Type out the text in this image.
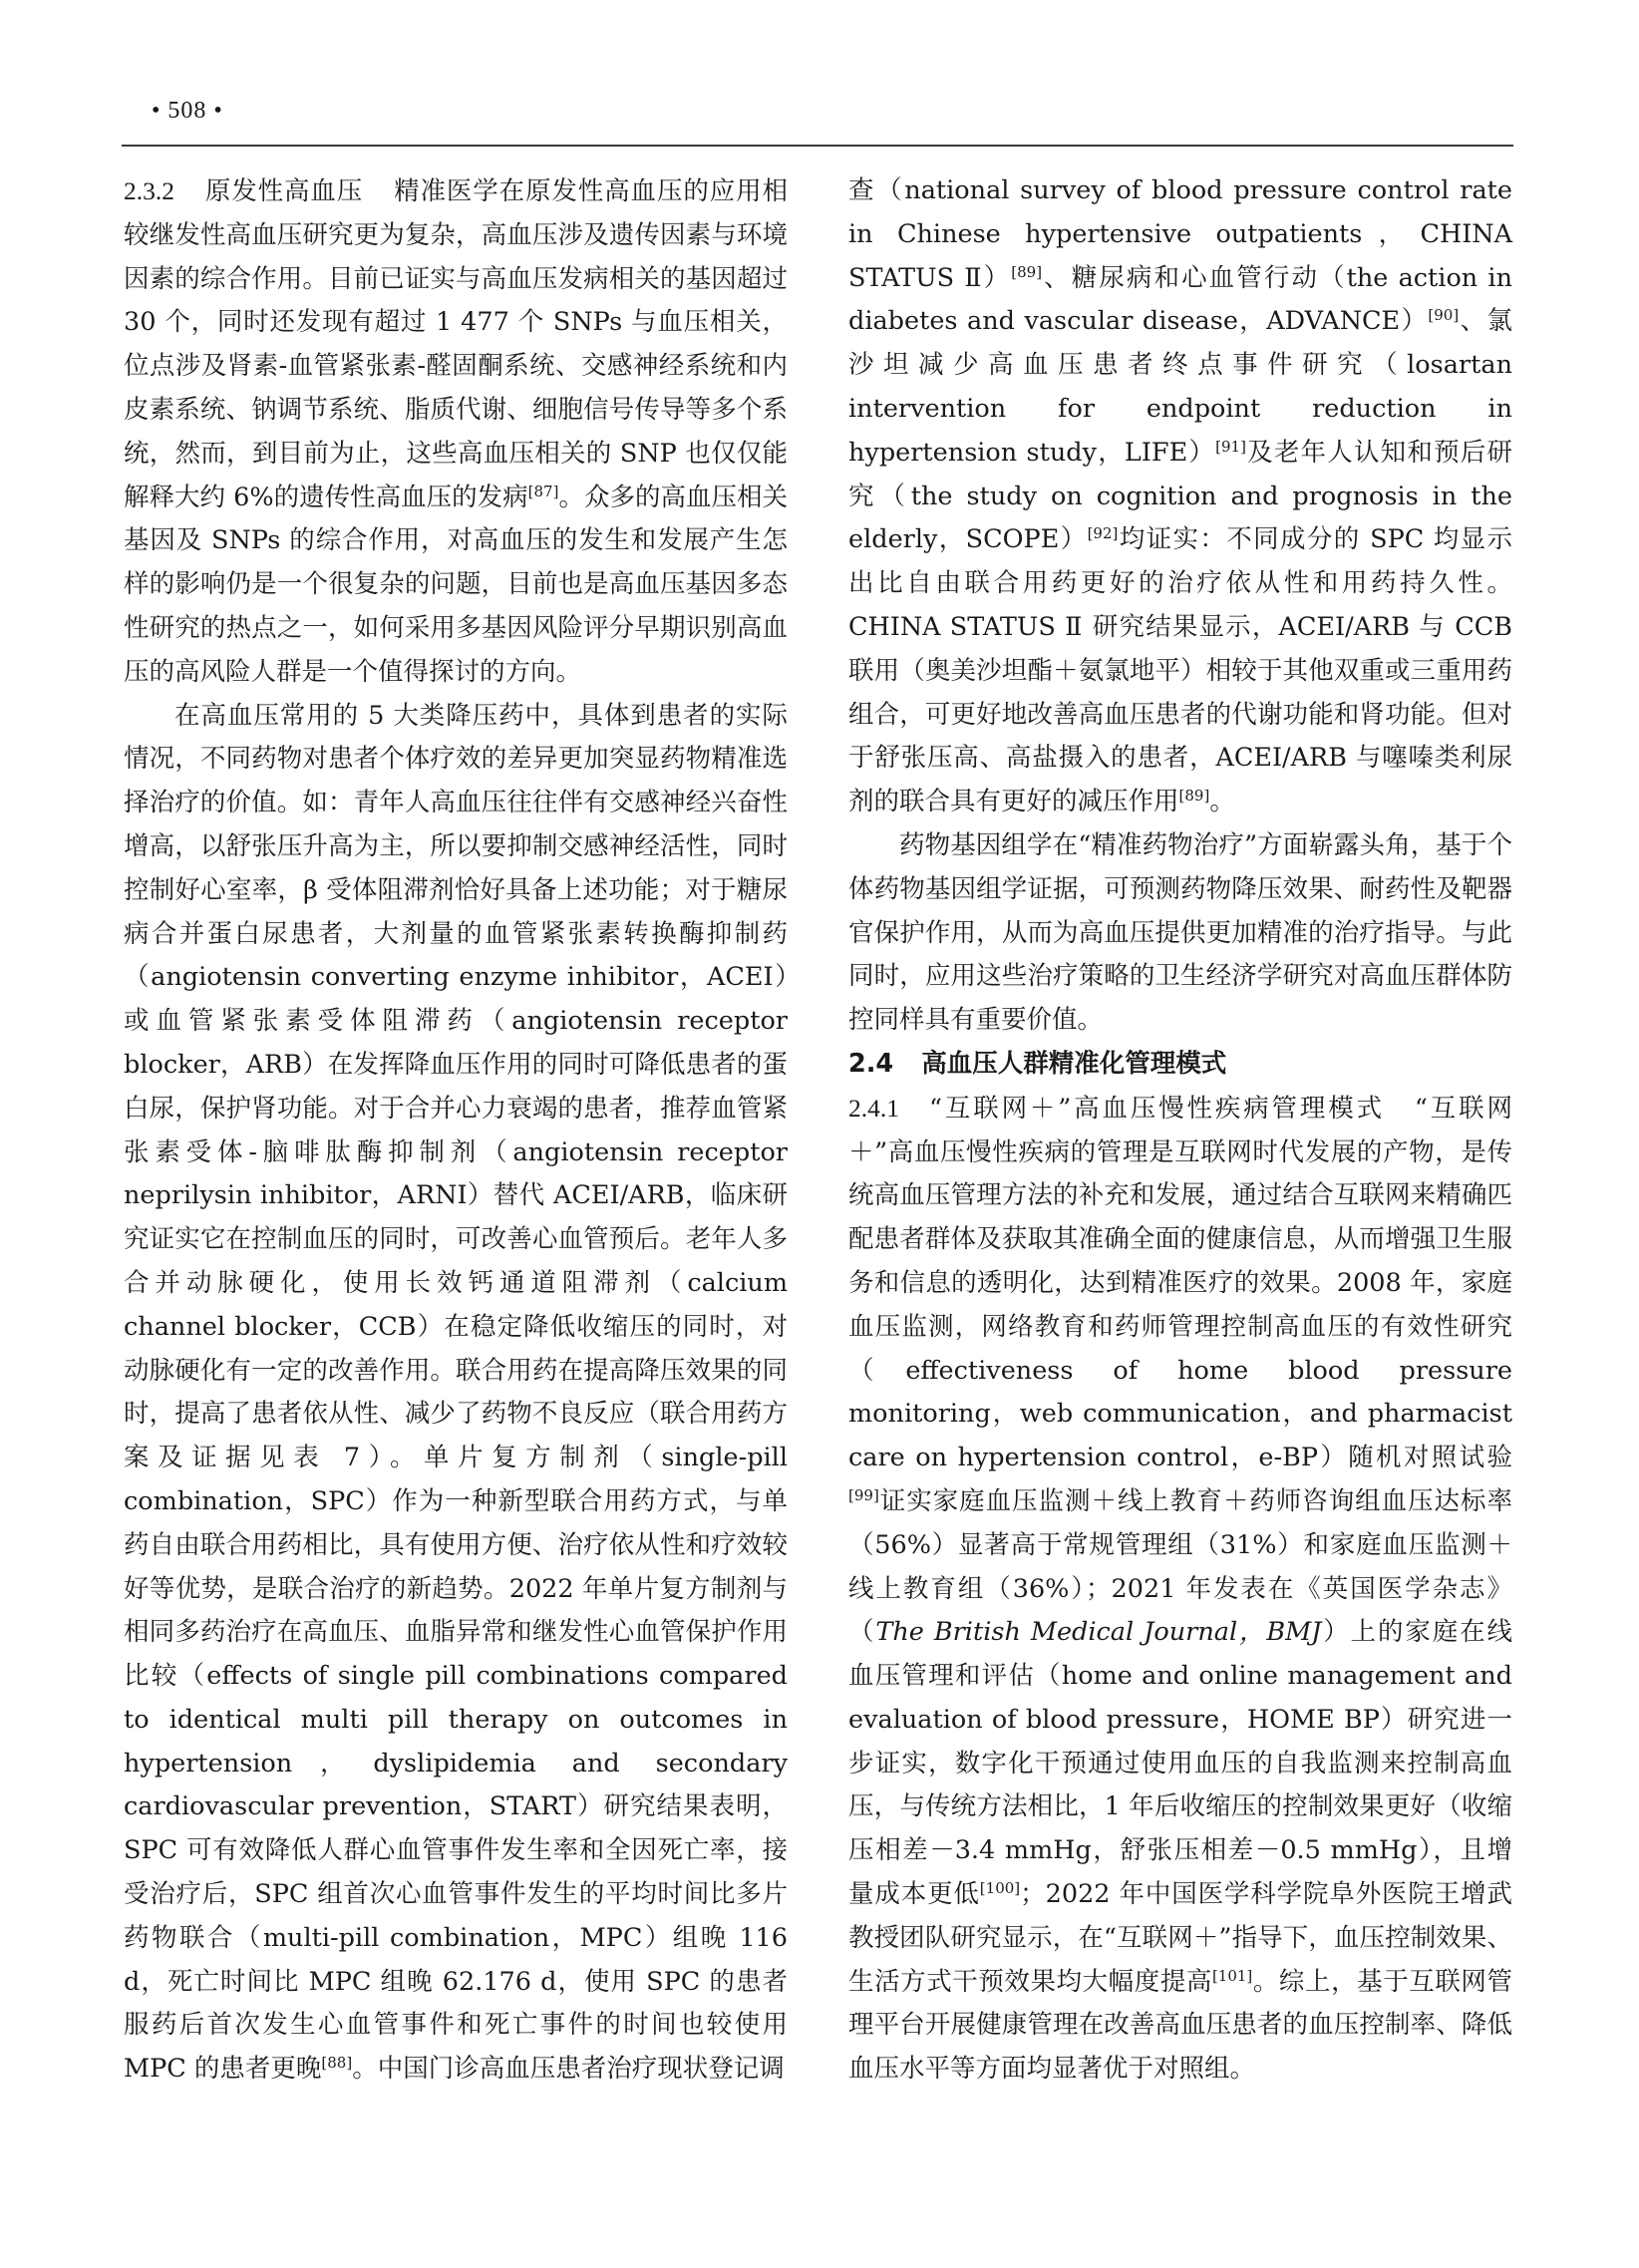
• 508 •

2.3.2 原发性高血压 精准医学在原发性高血压的应用相较继发性高血压研究更为复杂，高血压涉及遗传因素与环境因素的综合作用。目前已证实与高血压发病相关的基因超过 30 个，同时还发现有超过 1 477 个 SNPs 与血压相关，位点涉及肾素-血管紧张素-醛固酮系统、交感神经系统和内皮素系统、钠调节系统、脂质代谢、细胞信号传导等多个系统，然而，到目前为止，这些高血压相关的 SNP 也仅仅能解释大约 6%的遗传性高血压的发病[87]。众多的高血压相关基因及 SNPs 的综合作用，对高血压的发生和发展产生怎样的影响仍是一个很复杂的问题，目前也是高血压基因多态性研究的热点之一，如何采用多基因风险评分早期识别高血压的高风险人群是一个值得探讨的方向。

在高血压常用的 5 大类降压药中，具体到患者的实际情况，不同药物对患者个体疗效的差异更加突显药物精准选择治疗的价值。如：青年人高血压往往伴有交感神经兴奋性增高，以舒张压升高为主，所以要抑制交感神经活性，同时控制好心室率，β 受体阻滞剂恰好具备上述功能；对于糖尿病合并蛋白尿患者，大剂量的血管紧张素转换酶抑制药（angiotensin converting enzyme inhibitor，ACEI）或血管紧张素受体阻滞药（angiotensin receptor blocker，ARB）在发挥降血压作用的同时可降低患者的蛋白尿，保护肾功能。对于合并心力衰竭的患者，推荐血管紧张素受体-脑啡肽酶抑制剂（angiotensin receptor neprilysin inhibitor，ARNI）替代 ACEI/ARB，临床研究证实它在控制血压的同时，可改善心血管预后。老年人多合并动脉硬化，使用长效钙通道阻滞剂（calcium channel blocker，CCB）在稳定降低收缩压的同时，对动脉硬化有一定的改善作用。联合用药在提高降压效果的同时，提高了患者依从性、减少了药物不良反应（联合用药方案及证据见表 7）。单片复方制剂（single-pill combination，SPC）作为一种新型联合用药方式，与单药自由联合用药相比，具有使用方便、治疗依从性和疗效较好等优势，是联合治疗的新趋势。2022 年单片复方制剂与相同多药治疗在高血压、血脂异常和继发性心血管保护作用比较（effects of single pill combinations compared to identical multi pill therapy on outcomes in hypertension，dyslipidemia and secondary cardiovascular prevention，START）研究结果表明，SPC 可有效降低人群心血管事件发生率和全因死亡率，接受治疗后，SPC 组首次心血管事件发生的平均时间比多片药物联合（multi-pill combination，MPC）组晚 116 d，死亡时间比 MPC 组晚 62.176 d，使用 SPC 的患者服药后首次发生心血管事件和死亡事件的时间也较使用 MPC 的患者更晚[88]。中国门诊高血压患者治疗现状登记调

查（national survey of blood pressure control rate in Chinese hypertensive outpatients，CHINA STATUS Ⅱ）[89]、糖尿病和心血管行动（the action in diabetes and vascular disease，ADVANCE）[90]、氯沙坦减少高血压患者终点事件研究（losartan intervention for endpoint reduction in hypertension study，LIFE）[91]及老年人认知和预后研究（the study on cognition and prognosis in the elderly，SCOPE）[92]均证实：不同成分的 SPC 均显示出比自由联合用药更好的治疗依从性和用药持久性。CHINA STATUS Ⅱ 研究结果显示，ACEI/ARB 与 CCB 联用（奥美沙坦酯＋氨氯地平）相较于其他双重或三重用药组合，可更好地改善高血压患者的代谢功能和肾功能。但对于舒张压高、高盐摄入的患者，ACEI/ARB 与噻嗪类利尿剂的联合具有更好的减压作用[89]。

药物基因组学在“精准药物治疗”方面崭露头角，基于个体药物基因组学证据，可预测药物降压效果、耐药性及靶器官保护作用，从而为高血压提供更加精准的治疗指导。与此同时，应用这些治疗策略的卫生经济学研究对高血压群体防控同样具有重要价值。

2.4 高血压人群精准化管理模式

2.4.1 “互联网＋”高血压慢性疾病管理模式 “互联网＋”高血压慢性疾病的管理是互联网时代发展的产物，是传统高血压管理方法的补充和发展，通过结合互联网来精确匹配患者群体及获取其准确全面的健康信息，从而增强卫生服务和信息的透明化，达到精准医疗的效果。2008 年，家庭血压监测，网络教育和药师管理控制高血压的有效性研究（effectiveness of home blood pressure monitoring，web communication，and pharmacist care on hypertension control，e-BP）随机对照试验[99]证实家庭血压监测＋线上教育＋药师咨询组血压达标率（56%）显著高于常规管理组（31%）和家庭血压监测＋线上教育组（36%）；2021 年发表在《英国医学杂志》（The British Medical Journal，BMJ）上的家庭在线血压管理和评估（home and online management and evaluation of blood pressure，HOME BP）研究进一步证实，数字化干预通过使用血压的自我监测来控制高血压，与传统方法相比，1 年后收缩压的控制效果更好（收缩压相差－3.4 mmHg，舒张压相差－0.5 mmHg），且增量成本更低[100]；2022 年中国医学科学院阜外医院王增武教授团队研究显示，在“互联网＋”指导下，血压控制效果、生活方式干预效果均大幅度提高[101]。综上，基于互联网管理平台开展健康管理在改善高血压患者的血压控制率、降低血压水平等方面均显著优于对照组。
